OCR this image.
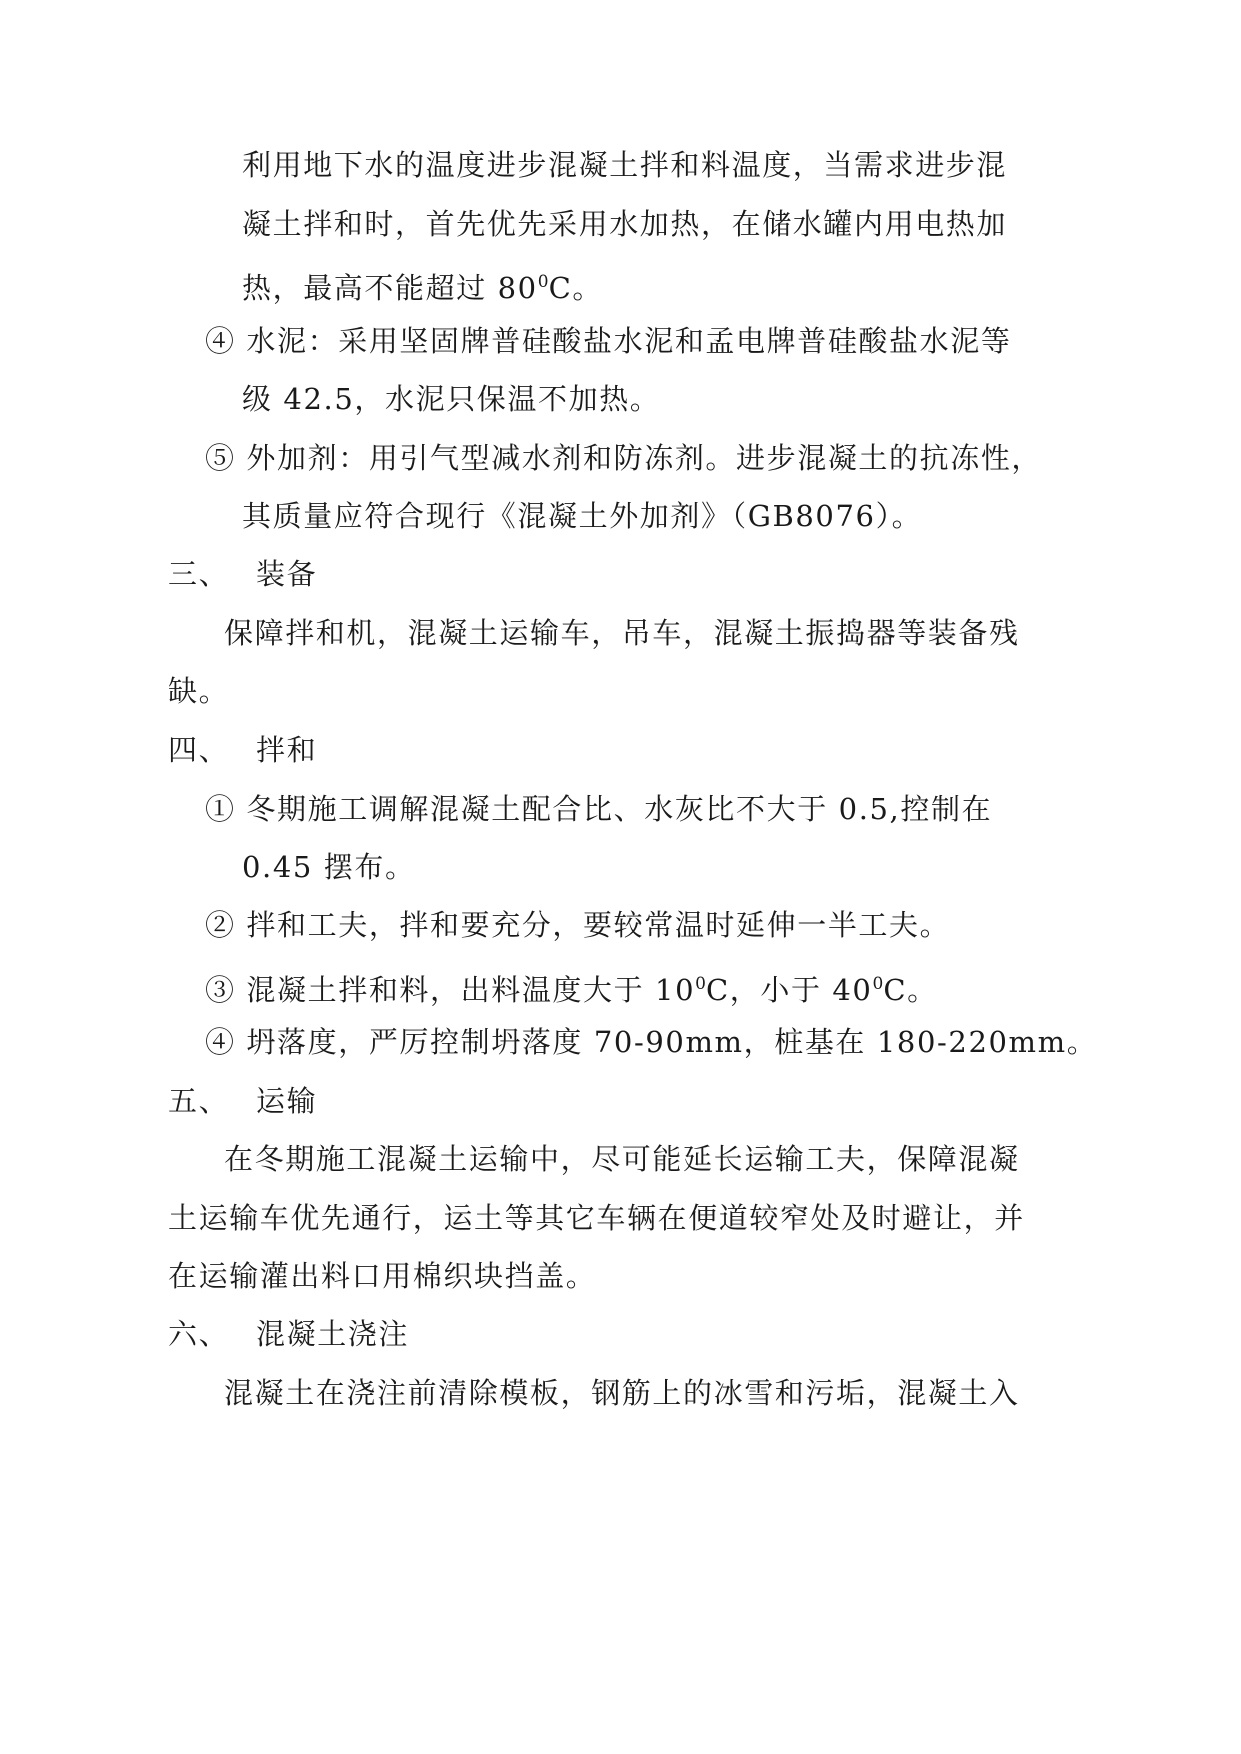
利用地下水的温度进步混凝土拌和料温度，当需求进步混
凝土拌和时，首先优先采用水加热，在储水罐内用电热加
热，最高不能超过 $80^0C$。
④ 水泥：采用坚固牌普硅酸盐水泥和孟电牌普硅酸盐水泥等
级 42.5，水泥只保温不加热。
⑤ 外加剂：用引气型减水剂和防冻剂。进步混凝土的抗冻性，
其质量应符合现行《混凝土外加剂》（GB8076）。
三、 装备
保障拌和机，混凝土运输车，吊车，混凝土振捣器等装备残
缺。
四、 拌和
① 冬期施工调解混凝土配合比、水灰比不大于 0.5,控制在
0.45 摆布。
② 拌和工夫，拌和要充分，要较常温时延伸一半工夫。
③ 混凝土拌和料，出料温度大于 $10^0C$，小于 $40^0C$。
④ 坍落度，严厉控制坍落度 70-90mm，桩基在 180-220mm。
五、 运输
在冬期施工混凝土运输中，尽可能延长运输工夫，保障混凝
土运输车优先通行，运土等其它车辆在便道较窄处及时避让，并
在运输灌出料口用棉织块挡盖。
六、 混凝土浇注
混凝土在浇注前清除模板，钢筋上的冰雪和污垢，混凝土入
